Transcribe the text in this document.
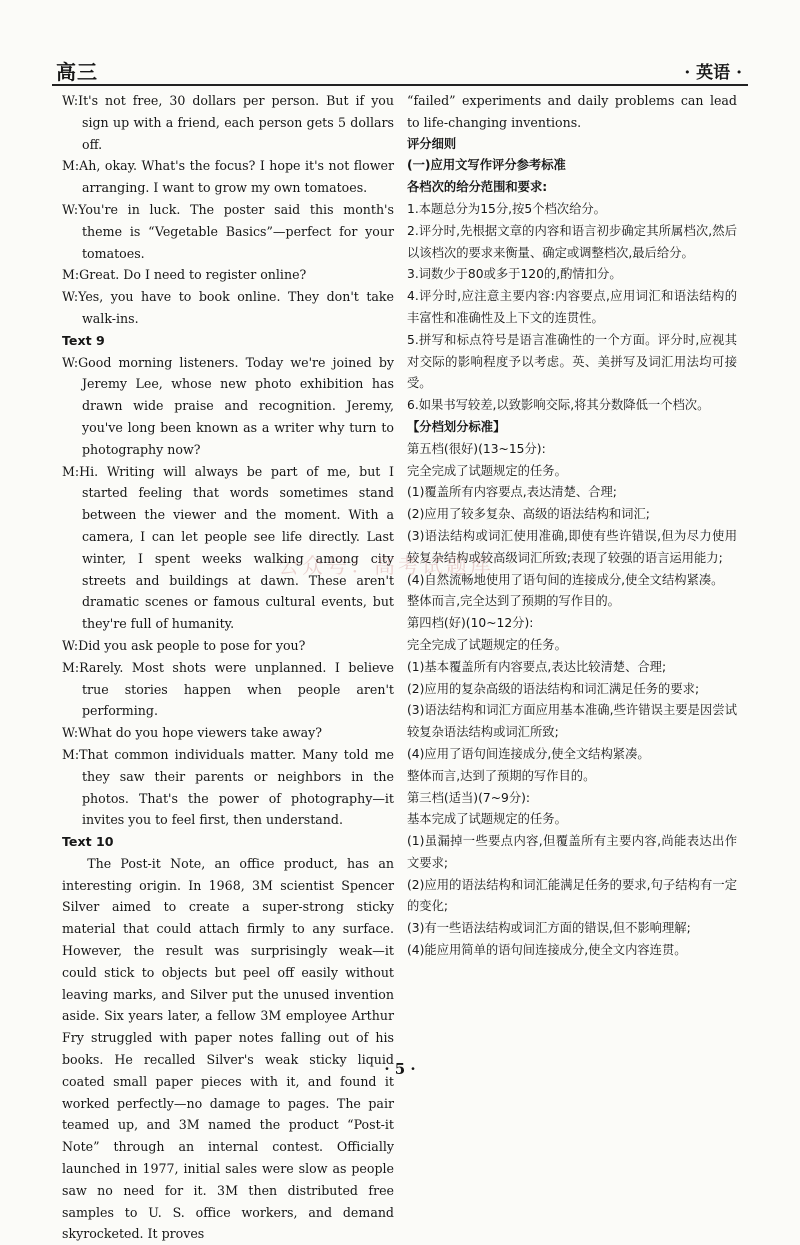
高三	· 英语 ·

W:It's not free, 30 dollars per person. But if you sign up with a friend, each person gets 5 dollars off.

M:Ah, okay. What's the focus? I hope it's not flower arranging. I want to grow my own tomatoes.

W:You're in luck. The poster said this month's theme is “Vegetable Basics”—perfect for your tomatoes.

M:Great. Do I need to register online?

W:Yes, you have to book online. They don't take walk-ins.

Text 9

W:Good morning listeners. Today we're joined by Jeremy Lee, whose new photo exhibition has drawn wide praise and recognition. Jeremy, you've long been known as a writer why turn to photography now?

M:Hi. Writing will always be part of me, but I started feeling that words sometimes stand between the viewer and the moment. With a camera, I can let people see life directly. Last winter, I spent weeks walking among city streets and buildings at dawn. These aren't dramatic scenes or famous cultural events, but they're full of humanity.

W:Did you ask people to pose for you?

M:Rarely. Most shots were unplanned. I believe true stories happen when people aren't performing.

W:What do you hope viewers take away?

M:That common individuals matter. Many told me they saw their parents or neighbors in the photos. That's the power of photography—it invites you to feel first, then understand.

Text 10

The Post-it Note, an office product, has an interesting origin. In 1968, 3M scientist Spencer Silver aimed to create a super-strong sticky material that could attach firmly to any surface. However, the result was surprisingly weak—it could stick to objects but peel off easily without leaving marks, and Silver put the unused invention aside. Six years later, a fellow 3M employee Arthur Fry struggled with paper notes falling out of his books. He recalled Silver's weak sticky liquid coated small paper pieces with it, and found it worked perfectly—no damage to pages. The pair teamed up, and 3M named the product “Post-it Note” through an internal contest. Officially launched in 1977, initial sales were slow as people saw no need for it. 3M then distributed free samples to U. S. office workers, and demand skyrocketed. It proves

“failed” experiments and daily problems can lead to life-changing inventions.

评分细则

(一)应用文写作评分参考标准

各档次的给分范围和要求:

1.本题总分为15分,按5个档次给分。

2.评分时,先根据文章的内容和语言初步确定其所属档次,然后以该档次的要求来衡量、确定或调整档次,最后给分。

3.词数少于80或多于120的,酌情扣分。

4.评分时,应注意主要内容:内容要点,应用词汇和语法结构的丰富性和准确性及上下文的连贯性。

5.拼写和标点符号是语言准确性的一个方面。评分时,应视其对交际的影响程度予以考虑。英、美拼写及词汇用法均可接受。

6.如果书写较差,以致影响交际,将其分数降低一个档次。

【分档划分标准】

第五档(很好)(13~15分):

完全完成了试题规定的任务。

(1)覆盖所有内容要点,表达清楚、合理;

(2)应用了较多复杂、高级的语法结构和词汇;

(3)语法结构或词汇使用准确,即使有些许错误,但为尽力使用较复杂结构或较高级词汇所致;表现了较强的语言运用能力;

(4)自然流畅地使用了语句间的连接成分,使全文结构紧凑。

整体而言,完全达到了预期的写作目的。

第四档(好)(10~12分):

完全完成了试题规定的任务。

(1)基本覆盖所有内容要点,表达比较清楚、合理;

(2)应用的复杂高级的语法结构和词汇满足任务的要求;

(3)语法结构和词汇方面应用基本准确,些许错误主要是因尝试较复杂语法结构或词汇所致;

(4)应用了语句间连接成分,使全文结构紧凑。

整体而言,达到了预期的写作目的。

第三档(适当)(7~9分):

基本完成了试题规定的任务。

(1)虽漏掉一些要点内容,但覆盖所有主要内容,尚能表达出作文要求;

(2)应用的语法结构和词汇能满足任务的要求,句子结构有一定的变化;

(3)有一些语法结构或词汇方面的错误,但不影响理解;

(4)能应用简单的语句间连接成分,使全文内容连贯。

公众号：高考试题库
· 5 ·
